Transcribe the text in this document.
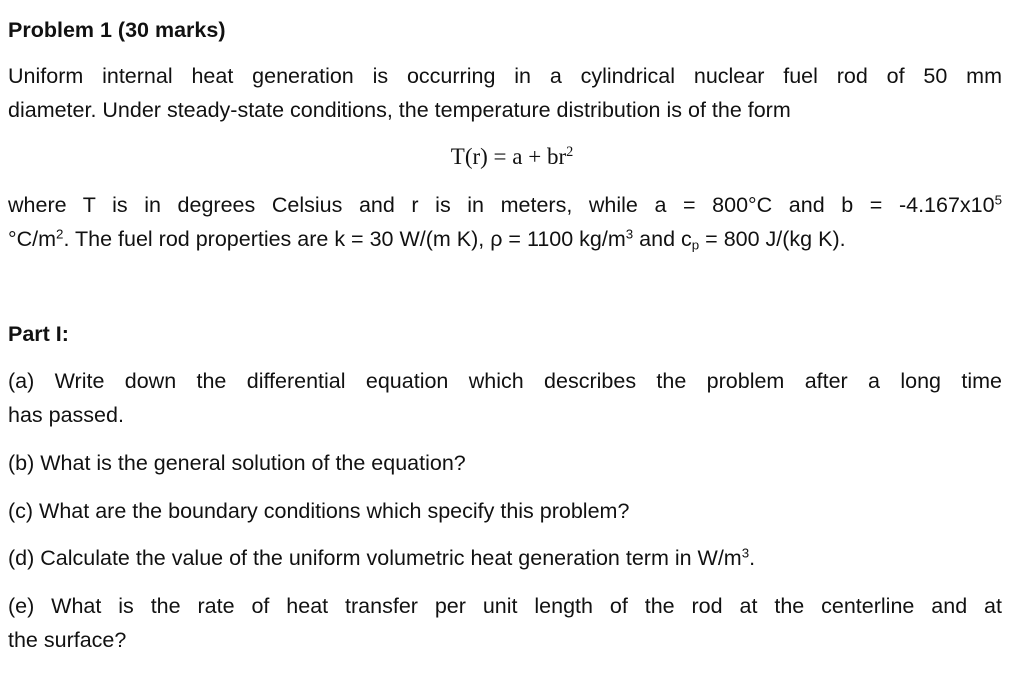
Problem 1 (30 marks)
Uniform internal heat generation is occurring in a cylindrical nuclear fuel rod of 50 mm
diameter. Under steady-state conditions, the temperature distribution is of the form
$T(r) = a + br^2$
where T is in degrees Celsius and r is in meters, while a = 800°C and $b = -4.167x10^5$
$^\circ C/m^2$. The fuel rod properties are k = 30 W/(m K), ρ = 1100 $kg/m^3$ and $c_p = 800$ J/(kg K).
Part I:
(a) Write down the differential equation which describes the problem after a long time
has passed.
(b) What is the general solution of the equation?
(c) What are the boundary conditions which specify this problem?
(d) Calculate the value of the uniform volumetric heat generation term in $W/m^3$.
(e) What is the rate of heat transfer per unit length of the rod at the centerline and at
the surface?
